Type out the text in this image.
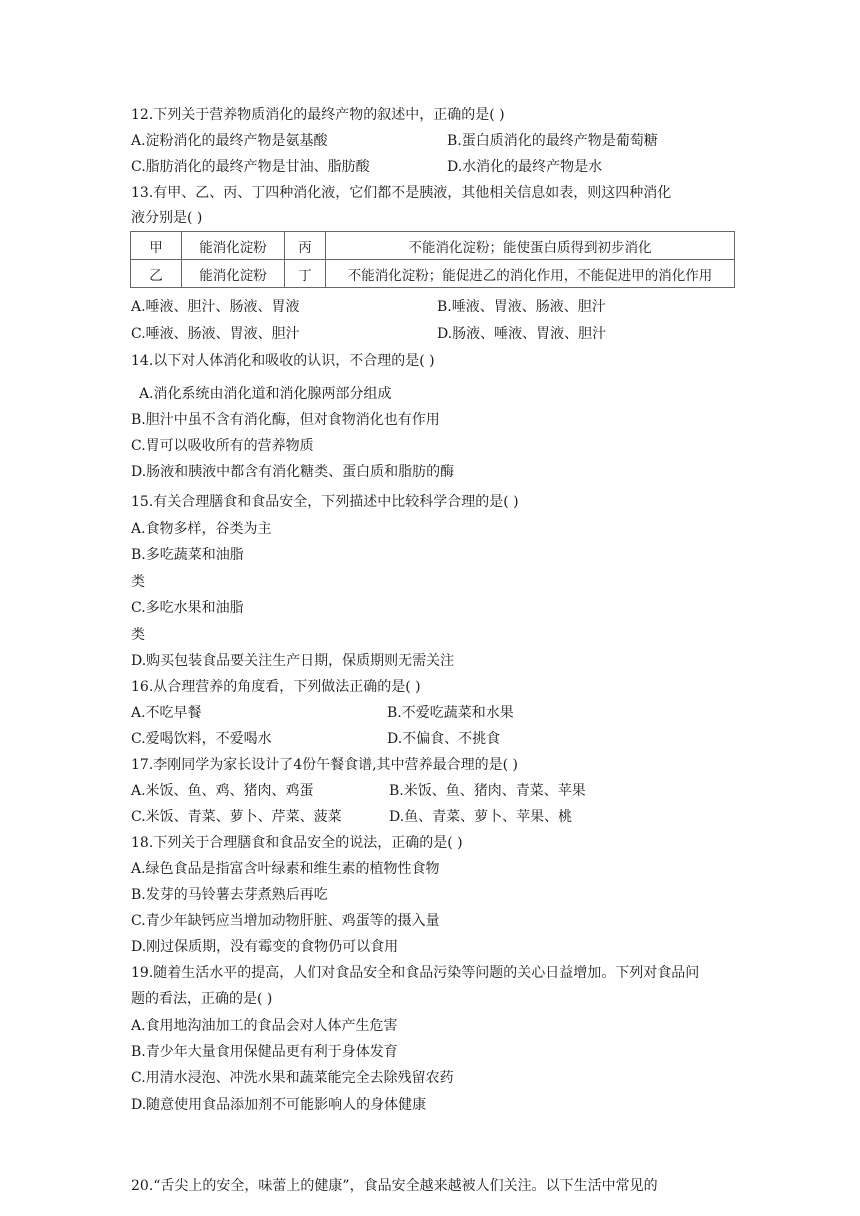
12.下列关于营养物质消化的最终产物的叙述中，正确的是( )
A.淀粉消化的最终产物是氨基酸	B.蛋白质消化的最终产物是葡萄糖
C.脂肪消化的最终产物是甘油、脂肪酸	D.水消化的最终产物是水
13.有甲、乙、丙、丁四种消化液，它们都不是胰液，其他相关信息如表，则这四种消化
液分别是( )
甲	能消化淀粉	丙	不能消化淀粉；能使蛋白质得到初步消化
乙	能消化淀粉	丁	不能消化淀粉；能促进乙的消化作用，不能促进甲的消化作用
A.唾液、胆汁、肠液、胃液	B.唾液、胃液、肠液、胆汁
C.唾液、肠液、胃液、胆汁	D.肠液、唾液、胃液、胆汁
14.以下对人体消化和吸收的认识，不合理的是( )
A.消化系统由消化道和消化腺两部分组成
B.胆汁中虽不含有消化酶，但对食物消化也有作用
C.胃可以吸收所有的营养物质
D.肠液和胰液中都含有消化糖类、蛋白质和脂肪的酶
15.有关合理膳食和食品安全，下列描述中比较科学合理的是( )
A.食物多样，谷类为主
B.多吃蔬菜和油脂
类
C.多吃水果和油脂
类
D.购买包装食品要关注生产日期，保质期则无需关注
16.从合理营养的角度看，下列做法正确的是( )
A.不吃早餐	B.不爱吃蔬菜和水果
C.爱喝饮料，不爱喝水	D.不偏食、不挑食
17.李刚同学为家长设计了4份午餐食谱,其中营养最合理的是( )
A.米饭、鱼、鸡、猪肉、鸡蛋	B.米饭、鱼、猪肉、青菜、苹果
C.米饭、青菜、萝卜、芹菜、菠菜	D.鱼、青菜、萝卜、苹果、桃
18.下列关于合理膳食和食品安全的说法，正确的是( )
A.绿色食品是指富含叶绿素和维生素的植物性食物
B.发芽的马铃薯去芽煮熟后再吃
C.青少年缺钙应当增加动物肝脏、鸡蛋等的摄入量
D.刚过保质期，没有霉变的食物仍可以食用
19.随着生活水平的提高，人们对食品安全和食品污染等问题的关心日益增加。下列对食品问
题的看法，正确的是( )
A.食用地沟油加工的食品会对人体产生危害
B.青少年大量食用保健品更有利于身体发育
C.用清水浸泡、冲洗水果和蔬菜能完全去除残留农药
D.随意使用食品添加剂不可能影响人的身体健康
20.“舌尖上的安全，味蕾上的健康”，食品安全越来越被人们关注。以下生活中常见的
